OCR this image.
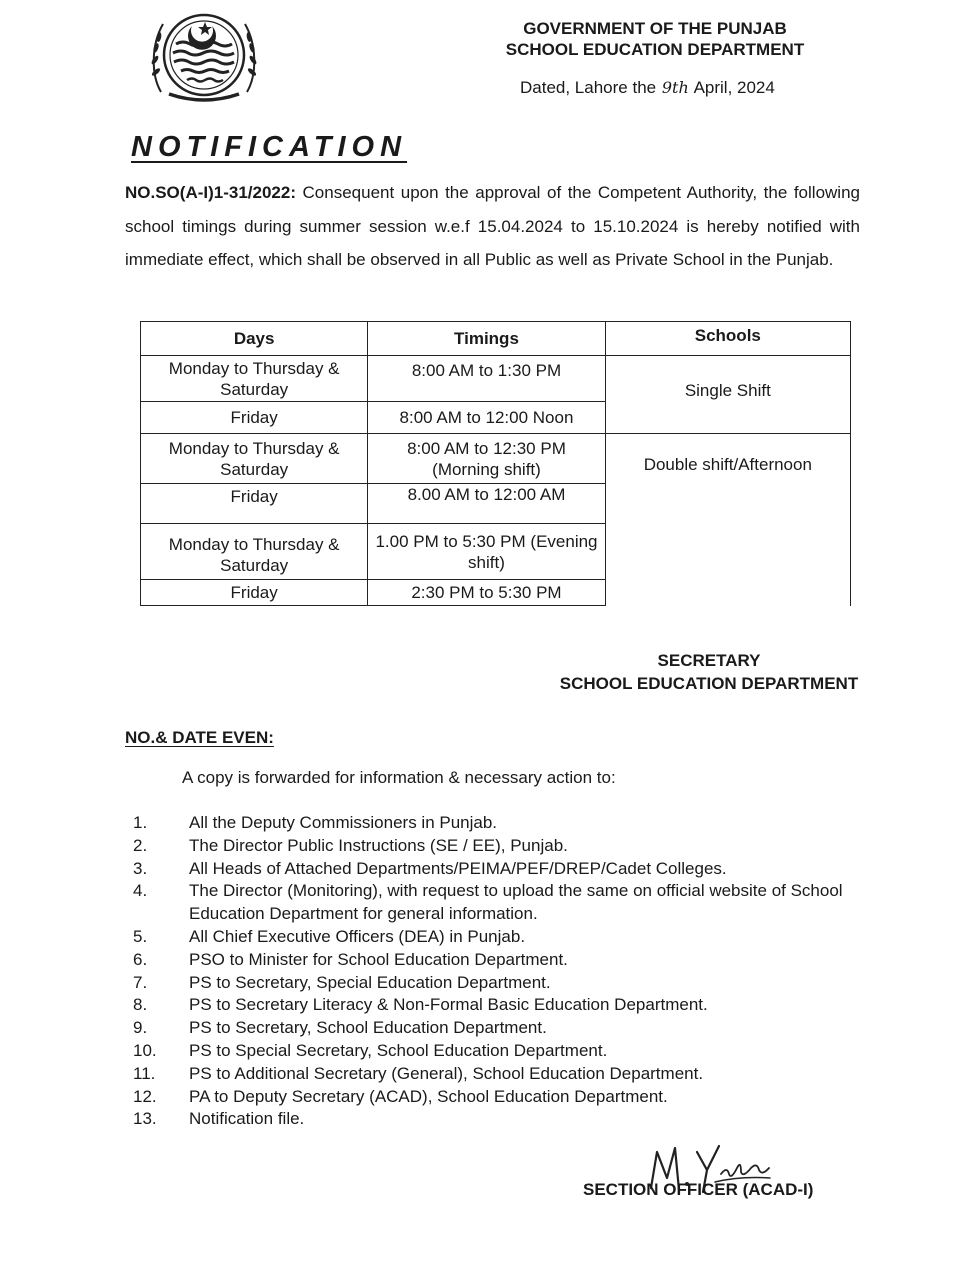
GOVERNMENT OF THE PUNJAB
SCHOOL EDUCATION DEPARTMENT
Dated, Lahore the 9th April, 2024
NOTIFICATION
NO.SO(A-I)1-31/2022: Consequent upon the approval of the Competent Authority, the following school timings during summer session w.e.f 15.04.2024 to 15.10.2024 is hereby notified with immediate effect, which shall be observed in all Public as well as Private School in the Punjab.
Days	Timings	Schools
Monday to Thursday & Saturday	8:00 AM to 1:30 PM	Single Shift
Friday	8:00 AM to 12:00 Noon	
Monday to Thursday & Saturday	8:00 AM to 12:30 PM (Morning shift)	Double shift/Afternoon
Friday	8.00 AM to 12:00 AM	
Monday to Thursday & Saturday	1.00 PM to 5:30 PM (Evening shift)	
Friday	2:30 PM to 5:30 PM	
SECRETARY
SCHOOL EDUCATION DEPARTMENT
NO.& DATE EVEN:
A copy is forwarded for information & necessary action to:
1.	All the Deputy Commissioners in Punjab.
2.	The Director Public Instructions (SE / EE), Punjab.
3.	All Heads of Attached Departments/PEIMA/PEF/DREP/Cadet Colleges.
4.	The Director (Monitoring), with request to upload the same on official website of School Education Department for general information.
5.	All Chief Executive Officers (DEA) in Punjab.
6.	PSO to Minister for School Education Department.
7.	PS to Secretary, Special Education Department.
8.	PS to Secretary Literacy & Non-Formal Basic Education Department.
9.	PS to Secretary, School Education Department.
10.	PS to Special Secretary, School Education Department.
11.	PS to Additional Secretary (General), School Education Department.
12.	PA to Deputy Secretary (ACAD), School Education Department.
13.	Notification file.
SECTION OFFICER (ACAD-I)
